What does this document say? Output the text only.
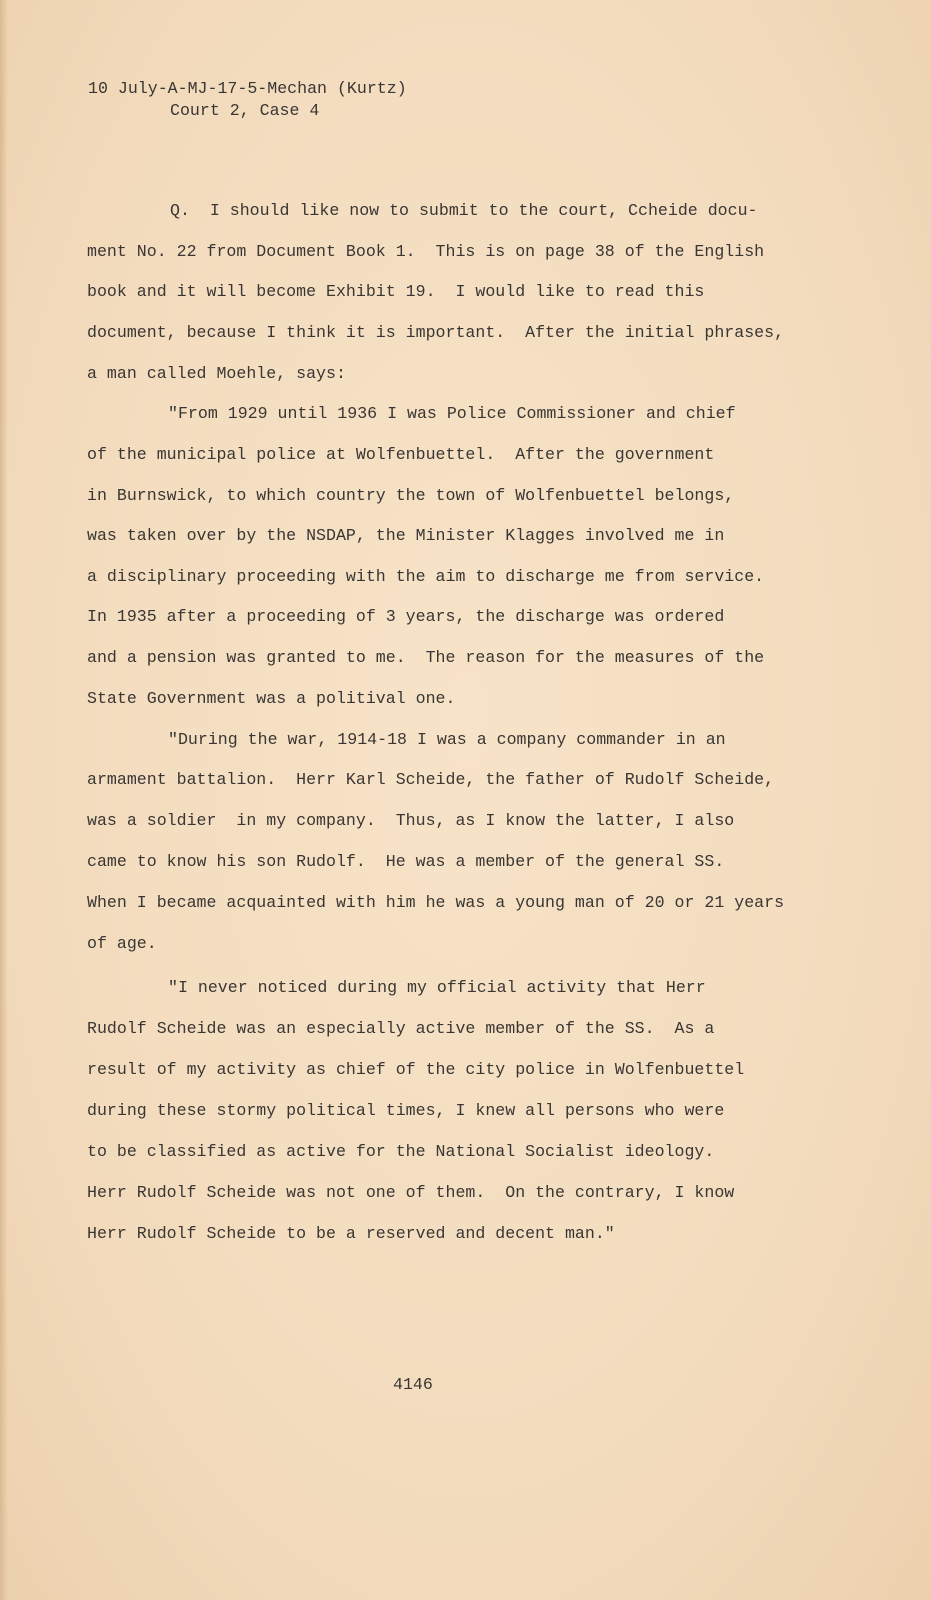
10 July-A-MJ-17-5-Mechan (Kurtz)
Court 2, Case 4
Q.  I should like now to submit to the court, Ccheide docu-
ment No. 22 from Document Book 1.  This is on page 38 of the English
book and it will become Exhibit 19.  I would like to read this
document, because I think it is important.  After the initial phrases,
a man called Moehle, says:
"From 1929 until 1936 I was Police Commissioner and chief
of the municipal police at Wolfenbuettel.  After the government
in Burnswick, to which country the town of Wolfenbuettel belongs,
was taken over by the NSDAP, the Minister Klagges involved me in
a disciplinary proceeding with the aim to discharge me from service.
In 1935 after a proceeding of 3 years, the discharge was ordered
and a pension was granted to me.  The reason for the measures of the
State Government was a politival one.
"During the war, 1914-18 I was a company commander in an
armament battalion.  Herr Karl Scheide, the father of Rudolf Scheide,
was a soldier  in my company.  Thus, as I know the latter, I also
came to know his son Rudolf.  He was a member of the general SS.
When I became acquainted with him he was a young man of 20 or 21 years
of age.
"I never noticed during my official activity that Herr
Rudolf Scheide was an especially active member of the SS.  As a
result of my activity as chief of the city police in Wolfenbuettel
during these stormy political times, I knew all persons who were
to be classified as active for the National Socialist ideology.
Herr Rudolf Scheide was not one of them.  On the contrary, I know
Herr Rudolf Scheide to be a reserved and decent man."
4146
